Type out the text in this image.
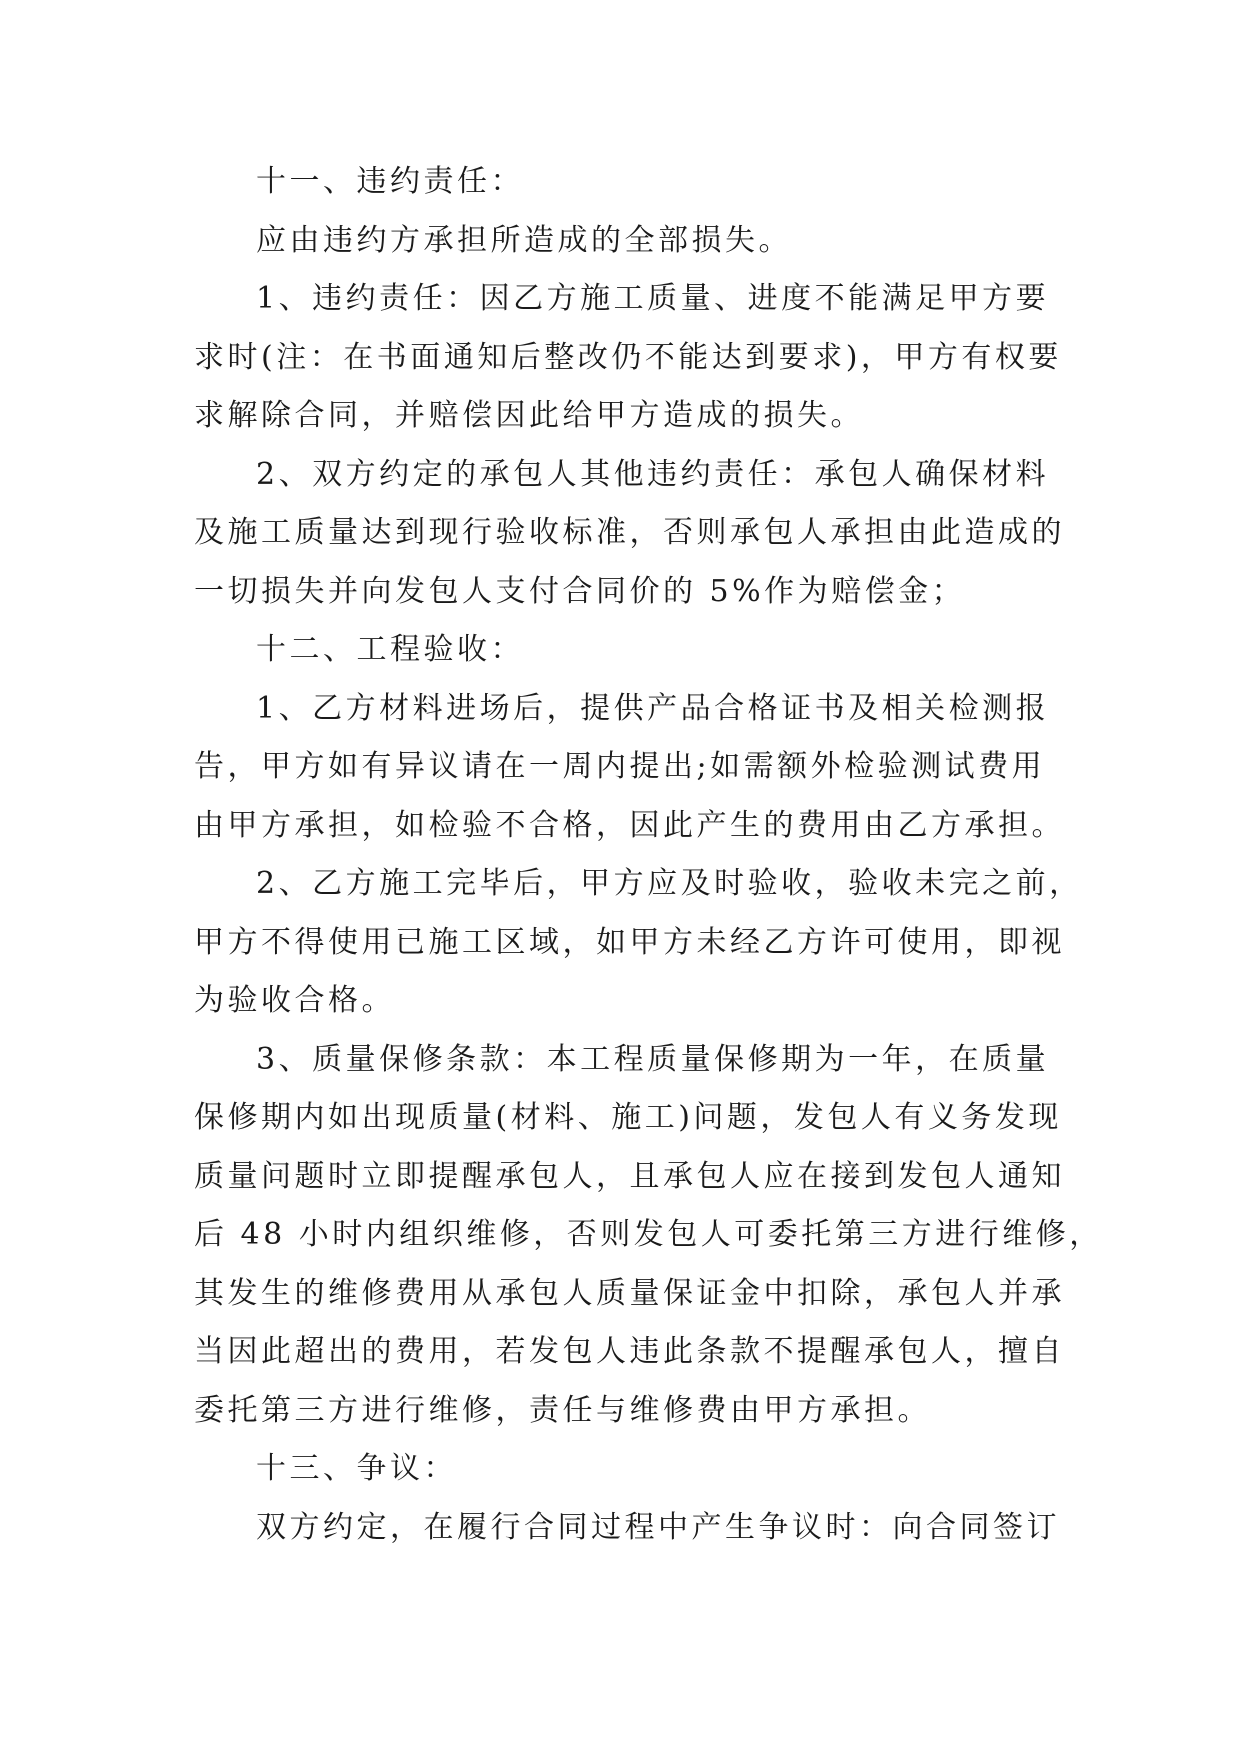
十一、违约责任：
应由违约方承担所造成的全部损失。
1、违约责任：因乙方施工质量、进度不能满足甲方要
求时(注：在书面通知后整改仍不能达到要求)，甲方有权要
求解除合同，并赔偿因此给甲方造成的损失。
2、双方约定的承包人其他违约责任：承包人确保材料
及施工质量达到现行验收标准，否则承包人承担由此造成的
一切损失并向发包人支付合同价的 5%作为赔偿金；
十二、工程验收：
1、乙方材料进场后，提供产品合格证书及相关检测报
告，甲方如有异议请在一周内提出;如需额外检验测试费用
由甲方承担，如检验不合格，因此产生的费用由乙方承担。
2、乙方施工完毕后，甲方应及时验收，验收未完之前，
甲方不得使用已施工区域，如甲方未经乙方许可使用，即视
为验收合格。
3、质量保修条款：本工程质量保修期为一年，在质量
保修期内如出现质量(材料、施工)问题，发包人有义务发现
质量问题时立即提醒承包人，且承包人应在接到发包人通知
后 48 小时内组织维修，否则发包人可委托第三方进行维修，
其发生的维修费用从承包人质量保证金中扣除，承包人并承
当因此超出的费用，若发包人违此条款不提醒承包人，擅自
委托第三方进行维修，责任与维修费由甲方承担。
十三、争议：
双方约定，在履行合同过程中产生争议时：向合同签订
